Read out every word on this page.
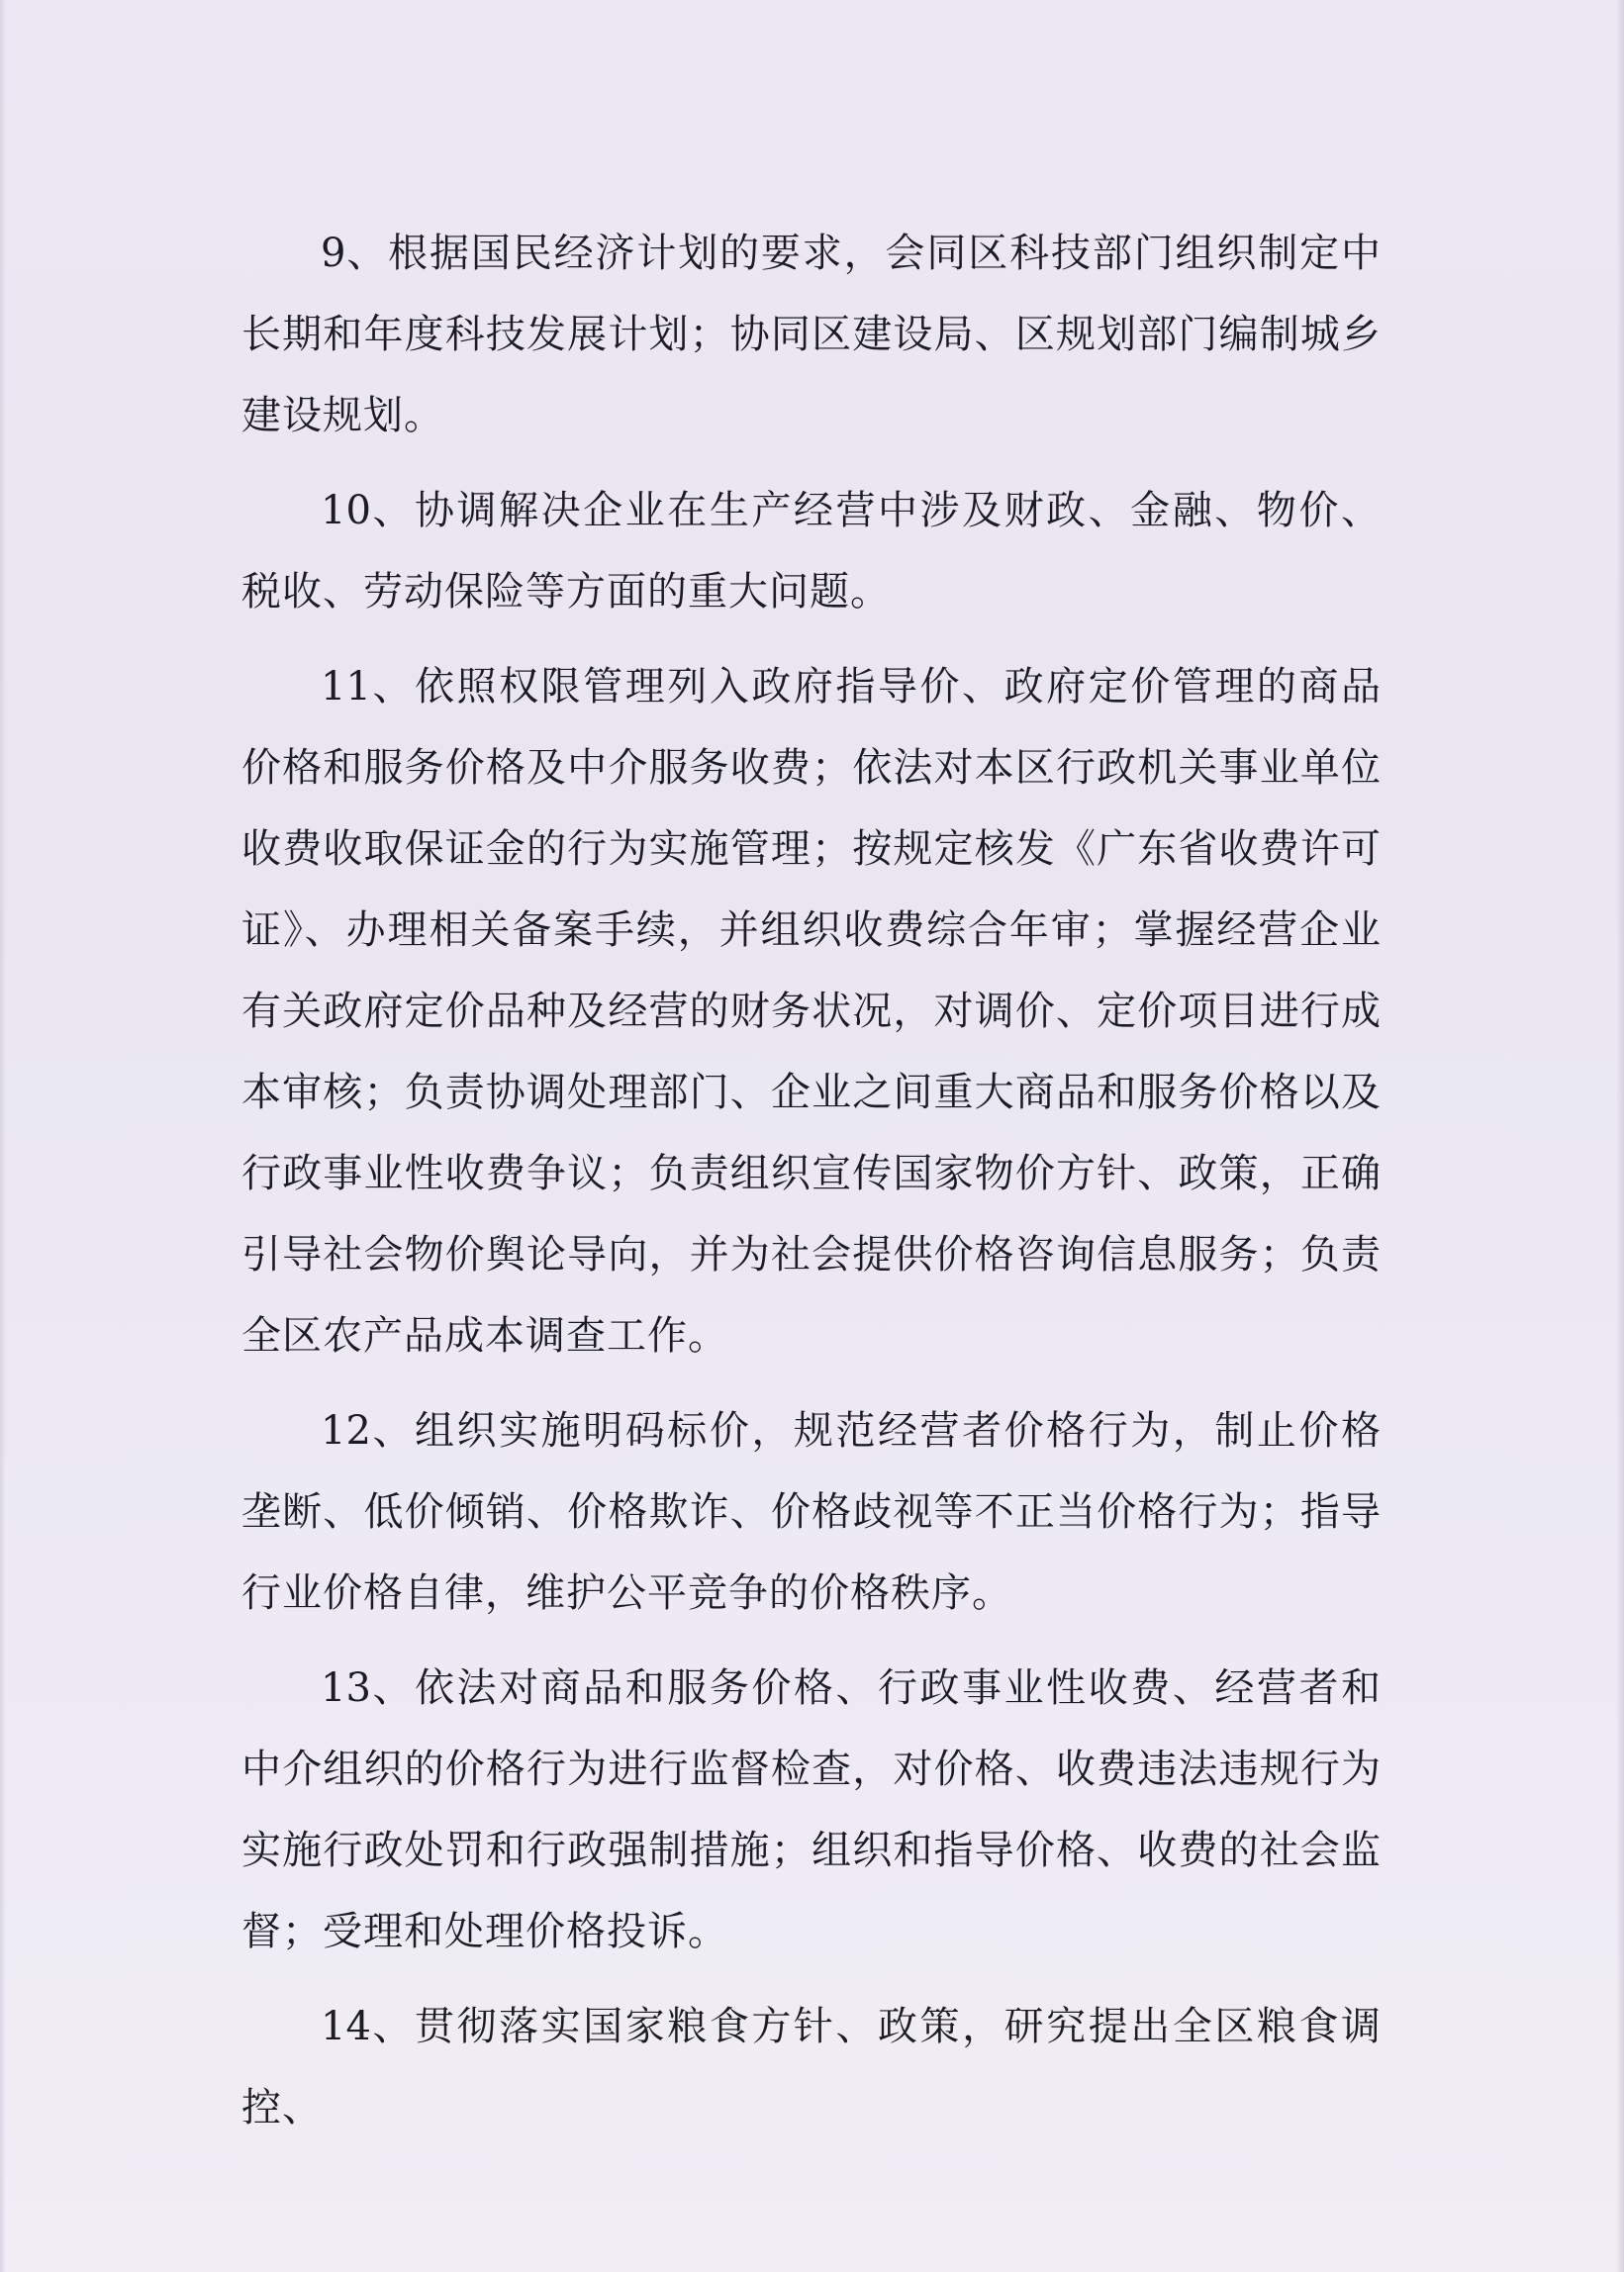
9、根据国民经济计划的要求，会同区科技部门组织制定中长期和年度科技发展计划；协同区建设局、区规划部门编制城乡建设规划。

10、协调解决企业在生产经营中涉及财政、金融、物价、税收、劳动保险等方面的重大问题。

11、依照权限管理列入政府指导价、政府定价管理的商品价格和服务价格及中介服务收费；依法对本区行政机关事业单位收费收取保证金的行为实施管理；按规定核发《广东省收费许可证》、办理相关备案手续，并组织收费综合年审；掌握经营企业有关政府定价品种及经营的财务状况，对调价、定价项目进行成本审核；负责协调处理部门、企业之间重大商品和服务价格以及行政事业性收费争议；负责组织宣传国家物价方针、政策，正确引导社会物价舆论导向，并为社会提供价格咨询信息服务；负责全区农产品成本调查工作。

12、组织实施明码标价，规范经营者价格行为，制止价格垄断、低价倾销、价格欺诈、价格歧视等不正当价格行为；指导行业价格自律，维护公平竞争的价格秩序。

13、依法对商品和服务价格、行政事业性收费、经营者和中介组织的价格行为进行监督检查，对价格、收费违法违规行为实施行政处罚和行政强制措施；组织和指导价格、收费的社会监督；受理和处理价格投诉。

14、贯彻落实国家粮食方针、政策，研究提出全区粮食调控、
